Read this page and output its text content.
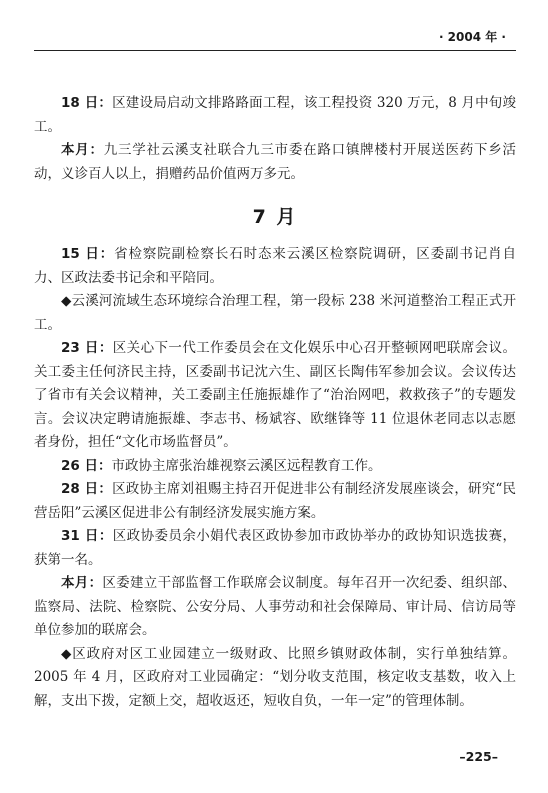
· 2004 年 ·

18 日：区建设局启动文排路路面工程，该工程投资 320 万元，8 月中旬竣工。

本月：九三学社云溪支社联合九三市委在路口镇牌楼村开展送医药下乡活动，义诊百人以上，捐赠药品价值两万多元。

7 月

15 日：省检察院副检察长石时态来云溪区检察院调研，区委副书记肖自力、区政法委书记余和平陪同。

◆云溪河流域生态环境综合治理工程，第一段标 238 米河道整治工程正式开工。

23 日：区关心下一代工作委员会在文化娱乐中心召开整顿网吧联席会议。关工委主任何济民主持，区委副书记沈六生、副区长陶伟军参加会议。会议传达了省市有关会议精神，关工委副主任施振雄作了“治治网吧，救救孩子”的专题发言。会议决定聘请施振雄、李志书、杨斌容、欧继锋等 11 位退休老同志以志愿者身份，担任“文化市场监督员”。

26 日：市政协主席张治雄视察云溪区远程教育工作。

28 日：区政协主席刘祖赐主持召开促进非公有制经济发展座谈会，研究“民营岳阳”云溪区促进非公有制经济发展实施方案。

31 日：区政协委员余小娟代表区政协参加市政协举办的政协知识选拔赛，获第一名。

本月：区委建立干部监督工作联席会议制度。每年召开一次纪委、组织部、监察局、法院、检察院、公安分局、人事劳动和社会保障局、审计局、信访局等单位参加的联席会。

◆区政府对区工业园建立一级财政、比照乡镇财政体制，实行单独结算。2005 年 4 月，区政府对工业园确定：“划分收支范围，核定收支基数，收入上解，支出下拨，定额上交，超收返还，短收自负，一年一定”的管理体制。

–225–
